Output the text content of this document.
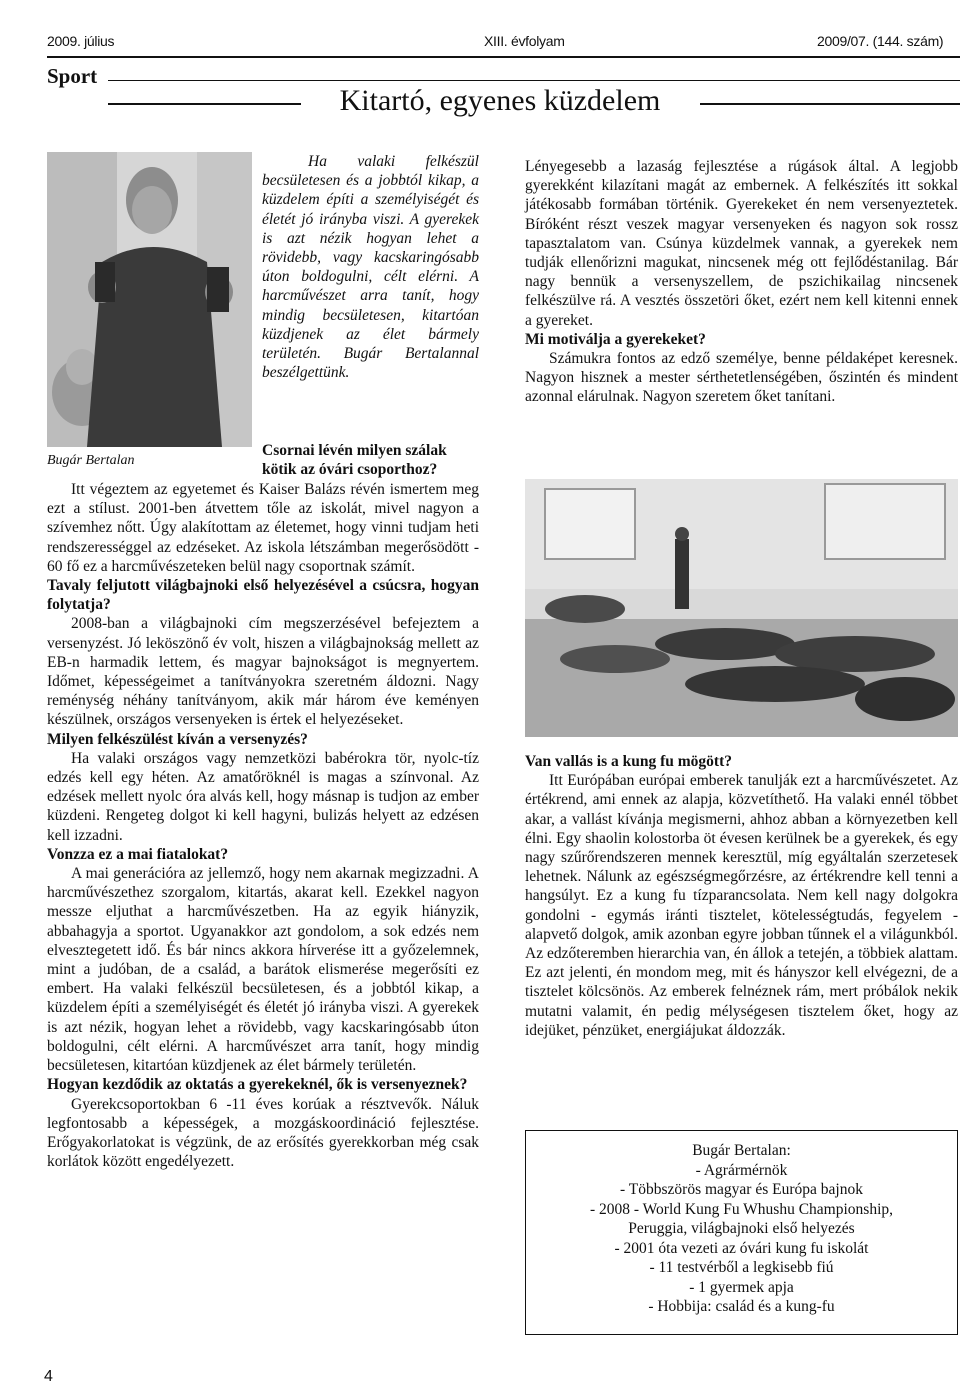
2009. július	XIII. évfolyam	2009/07. (144. szám)
Sport
Kitartó, egyenes küzdelem
Bugár Bertalan

Ha valaki felkészül becsületesen és a jobbtól kikap, a küzdelem építi a személyiségét és életét jó irányba viszi. A gyerekek is azt nézik hogyan lehet a rövidebb, vagy kacskaringósabb úton boldogulni, célt elérni. A harcművészet arra tanít, hogy mindig becsületesen, kitartóan küzdjenek az élet bármely területén. Bugár Bertalannal beszélgettünk.

Csornai lévén milyen szálak kötik az óvári csoporthoz?

Itt végeztem az egyetemet és Kaiser Balázs révén ismertem meg ezt a stílust. 2001-ben átvettem tőle az iskolát, mivel nagyon a szívemhez nőtt. Úgy alakítottam az életemet, hogy vinni tudjam heti rendszerességgel az edzéseket. Az iskola létszámban megerősödött - 60 fő ez a harcművészeteken belül nagy csoportnak számít.

Tavaly feljutott világbajnoki első helyezésével a csúcsra, hogyan folytatja?

2008-ban a világbajnoki cím megszerzésével befejeztem a versenyzést. Jó leköszönő év volt, hiszen a világbajnokság mellett az EB-n harmadik lettem, és magyar bajnokságot is megnyertem. Időmet, képességeimet a tanítványokra szeretném áldozni. Nagy reménység néhány tanítványom, akik már három éve keményen készülnek, országos versenyeken is értek el helyezéseket.

Milyen felkészülést kíván a versenyzés?

Ha valaki országos vagy nemzetközi babérokra tör, nyolc-tíz edzés kell egy héten. Az amatőröknél is magas a színvonal. Az edzések mellett nyolc óra alvás kell, hogy másnap is tudjon az ember küzdeni. Rengeteg dolgot ki kell hagyni, bulizás helyett az edzésen kell izzadni.

Vonzza ez a mai fiatalokat?

A mai generációra az jellemző, hogy nem akarnak megizzadni. A harcművészethez szorgalom, kitartás, akarat kell. Ezekkel nagyon messze eljuthat a harcművészetben. Ha az egyik hiányzik, abbahagyja a sportot. Ugyanakkor azt gondolom, a sok edzés nem elvesztegetett idő. És bár nincs akkora hírverése itt a győzelemnek, mint a judóban, de a család, a barátok elismerése megerősíti ez embert. Ha valaki felkészül becsületesen, és a jobbtól kikap, a küzdelem építi a személyiségét és életét jó irányba viszi. A gyerekek is azt nézik, hogyan lehet a rövidebb, vagy kacskaringósabb úton boldogulni, célt elérni. A harcművészet arra tanít, hogy mindig becsületesen, kitartóan küzdjenek az élet bármely területén.

Hogyan kezdődik az oktatás a gyerekeknél, ők is versenyeznek?

Gyerekcsoportokban 6 -11 éves korúak a résztvevők. Náluk legfontosabb a képességek, a mozgáskoordináció fejlesztése. Erőgyakorlatokat is végzünk, de az erősítés gyerekkorban még csak korlátok között engedélyezett.

Lényegesebb a lazaság fejlesztése a rúgások által. A legjobb gyerekként kilazítani magát az embernek. A felkészítés itt sokkal játékosabb formában történik. Gyerekeket én nem versenyeztetek. Bíróként részt veszek magyar versenyeken és nagyon sok rossz tapasztalatom van. Csúnya küzdelmek vannak, a gyerekek nem tudják ellenőrizni magukat, nincsenek még ott fejlődéstanilag. Bár nagy bennük a versenyszellem, de pszichikailag nincsenek felkészülve rá. A vesztés összetöri őket, ezért nem kell kitenni ennek a gyereket.

Mi motiválja a gyerekeket?

Számukra fontos az edző személye, benne példaképet keresnek. Nagyon hisznek a mester sérthetetlenségében, őszintén és mindent azonnal elárulnak. Nagyon szeretem őket tanítani.

Van vallás is a kung fu mögött?

Itt Európában európai emberek tanulják ezt a harcművészetet. Az értékrend, ami ennek az alapja, közvetíthető. Ha valaki ennél többet akar, a vallást kívánja megismerni, ahhoz abban a környezetben kell élni. Egy shaolin kolostorba öt évesen kerülnek be a gyerekek, és egy nagy szűrőrendszeren mennek keresztül, míg egyáltalán szerzetesek lehetnek. Nálunk az egészségmegőrzésre, az értékrendre kell tenni a hangsúlyt. Ez a kung fu tízparancsolata. Nem kell nagy dolgokra gondolni - egymás iránti tisztelet, kötelességtudás, fegyelem - alapvető dolgok, amik azonban egyre jobban tűnnek el a világunkból. Az edzőteremben hierarchia van, én állok a tetején, a többiek alattam. Ez azt jelenti, én mondom meg, mit és hányszor kell elvégezni, de a tisztelet kölcsönös. Az emberek felnéznek rám, mert próbálok nekik mutatni valamit, én pedig mélységesen tisztelem őket, hogy az idejüket, pénzüket, energiájukat áldozzák.

Bugár Bertalan:
- Agrármérnök
- Többszörös magyar és Európa bajnok
- 2008 - World Kung Fu Whushu Championship,
Peruggia, világbajnoki első helyezés
- 2001 óta vezeti az óvári kung fu iskolát
- 11 testvérből a legkisebb fiú
- 1 gyermek apja
- Hobbija: család és a kung-fu
4
